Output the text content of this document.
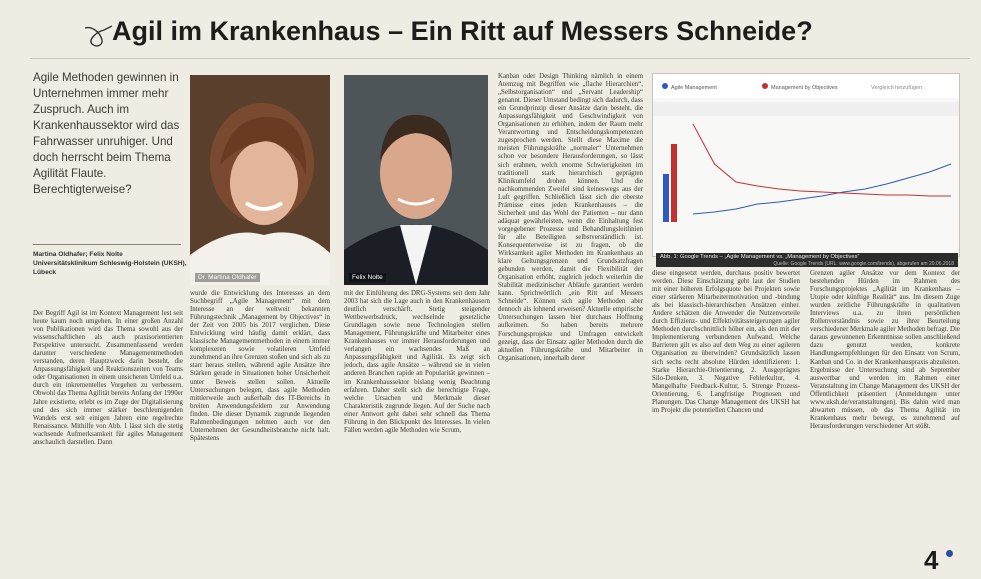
Agil im Krankenhaus – Ein Ritt auf Messers Schneide?
Agile Methoden gewinnen in Unternehmen immer mehr Zuspruch. Auch im Krankenhaussektor wird das Fahrwasser unruhiger. Und doch herrscht beim Thema Agilität Flaute. Berechtigterweise?
Martina Oldhafer; Felix Nolte
Universitätsklinikum Schleswig-Holstein (UKSH), Lübeck
Dr. Martina Oldhafer	Felix Nolte
Der Begriff Agil ist im Kontext Management fest seit heute kaum noch umgehen. In einer großen Anzahl von Publikationen wird das Thema sowohl aus der wissenschaftlichen als auch praxisorientierten Perspektive untersucht. Zusammenfassend werden darunter verschiedene Managementmethoden verstanden, deren Hauptzweck darin besteht, die Anpassungsfähigkeit und Reaktionszeiten von Teams oder Organisationen in einem unsicheren Umfeld u.a. durch ein inkrementelles Vorgehen zu verbessern. Obwohl das Thema Agilität bereits Anfang der 1990er Jahre existierte, erlebt es im Zuge der Digitalisierung und des sich immer stärker beschleunigenden Wandels erst seit einigen Jahren eine regelrechte Renaissance. Mithilfe von Abb. 1 lässt sich die stetig wachsende Aufmerksamkeit für agiles Management anschaulich darstellen. Dann
wurde die Entwicklung des Interesses an dem Suchbegriff „Agile Management“ mit dem Interesse an der weltweit bekannten Führungstechnik „Management by Objectives“ in der Zeit von 2005 bis 2017 verglichen. Diese Entwicklung wird häufig damit erklärt, dass klassische Managementmethoden in einem immer komplexeren sowie volatileren Umfeld zunehmend an ihre Grenzen stoßen und sich als zu starr heraus stellen, während agile Ansätze ihre Stärken gerade in Situationen hoher Unsicherheit unter Beweis stellen sollen. Aktuelle Untersuchungen belegen, dass agile Methoden mittlerweile auch außerhalb des IT-Bereichs in breiten Anwendungsfeldern zur Anwendung finden. Die dieser Dynamik zugrunde liegenden Rahmenbedingungen nehmen auch vor den Unternehmen der Gesundheitsbranche nicht halt. Spätestens
mit der Einführung des DRG-Systems seit dem Jahr 2003 hat sich die Lage auch in den Krankenhäusern deutlich verschärft. Stetig steigender Wettbewerbsdruck, wechselnde gesetzliche Grundlagen sowie neue Technologien stellen Management, Führungskräfte und Mitarbeiter eines Krankenhauses vor immer Herausforderungen und verlangen ein wachsendes Maß an Anpassungsfähigkeit und Agilität. Es zeigt sich jedoch, dass agile Ansätze – während sie in vielen anderen Branchen rapide an Popularität gewinnen – im Krankenhaussektor bislang wenig Beachtung erfahren. Daher stellt sich die berechtigte Frage, welche Ursachen und Merkmale dieser Charakteristik zugrunde liegen. Auf der Suche nach einer Antwort geht dabei sehr schnell das Thema Führung in den Blickpunkt des Interesses. In vielen Fällen werden agile Methoden wie Scrum,
Kanban oder Design Thinking nämlich in einem Atemzug mit Begriffen wie „flache Hierarchien“, „Selbstorganisation“ und „Servant Leadership“ genannt. Dieser Umstand bedingt sich dadurch, dass ein Grundprinzip dieser Ansätze darin besteht, die Anpassungsfähigkeit und Geschwindigkeit von Organisationen zu erhöhen, indem der Raum mehr Verantwortung und Entscheidungskompetenzen zugesprochen werden. Stellt diese Maxime die meisten Führungskräfte „normaler“ Unternehmen schon vor besondere Herausforderungen, so lässt sich erahnen, welch enorme Schwierigkeiten im traditionell stark hierarchisch geprägten Klinikumfeld drohen können. Und die nachkommenden Zweifel sind keineswegs aus der Luft gegriffen. Schließlich lässt sich die oberste Prämisse eines jeden Krankenhauses – die Sicherheit und das Wohl der Patienten – nur dann adäquat gewährleisten, wenn die Einhaltung fest vorgegebener Prozesse und Behandlungsleitlinien für alle Beteiligten selbstverständlich ist. Konsequenterweise ist zu fragen, ob die Wirksamkeit agiler Methoden im Krankenhaus an klare Geltungsgrenzen und Grundsatzfragen gebunden werden, damit die Flexibilität der Organisation erhöht, zugleich jedoch weiterhin die Stabilität medizinischer Abläufe garantiert werden kann. Sprichwörtlich „ein Ritt auf Messers Schneide“. Können sich agile Methoden aber dennoch als lohnend erweisen? Aktuelle empirische Untersuchungen lassen hier durchaus Hoffnung aufkeimen. So haben bereits mehrere Forschungsprojekte und Umfragen entwickelt gezeigt, dass der Einsatz agiler Methoden durch die aktuellen Führungskräfte und Mitarbeiter in Organisationen, innerhalb derer
Agile Management	Management by Objectives	Vergleich hinzufügen
Abb. 1: Google Trends – „Agile Management vs. „Management by Objectives“
Quelle: Google Trends (URL: www.google.com/trends), abgerufen am 20.06.2018
diese eingesetzt werden, durchaus positiv bewertet werden. Diese Einschätzung geht laut der Studien mit einer höheren Erfolgsquote bei Projekten sowie einer stärkeren Mitarbeitermotivation und -bindung als bei klassisch-hierarchischen Ansätzen einher. Andere schätzen die Anwender die Nutzenvorteile durch Effizienz- und Effektivitätssteigerungen agiler Methoden durchschnittlich höher ein, als den mit der Implementierung verbundenen Aufwand. Welche Barrieren gilt es also auf dem Weg zu einer agileren Organisation zu überwinden? Grundsätzlich lassen sich sechs recht absolute Hürden identifizieren: 1. Starke Hierarchie-Orientierung, 2. Ausgeprägtes Silo-Denken, 3. Negative Fehlerkultur, 4. Mangelhafte Feedback-Kultur, 5. Strenge Prozess-Orientierung, 6. Langfristige Prognosen und Planungen. Das Change Management des UKSH hat im Projekt die potentiellen Chancen und
Grenzen agiler Ansätze vor dem Kontext der bestehenden Hürden im Rahmen des Forschungsprojektes „Agilität im Krankenhaus – Utopie oder künftige Realität“ aus. Im diesem Zuge wurden zeitliche Führungskräfte in qualitativen Interviews u.a. zu ihren persönlichen Rollenverständnis sowie zu ihrer Beurteilung verschiedener Merkmale agiler Methoden befragt. Die daraus gewonnenen Erkenntnisse sollen anschließend dazu genutzt werden, konkrete Handlungsempfehlungen für den Einsatz von Scrum, Kanban und Co. in der Krankenhauspraxis abzuleiten. Ergebnisse der Untersuchung sind ab September auswertbar und werden im Rahmen einer Veranstaltung im Change Management des UKSH der Öffentlichkeit präsentiert (Anmeldungen unter www.uksh.de/veranstaltungen). Bis dahin wird man abwarten müssen, ob das Thema Agilität im Krankenhaus mehr bewegt, es zunehmend auf Herausforderungen verschiedener Art stößt.
4
